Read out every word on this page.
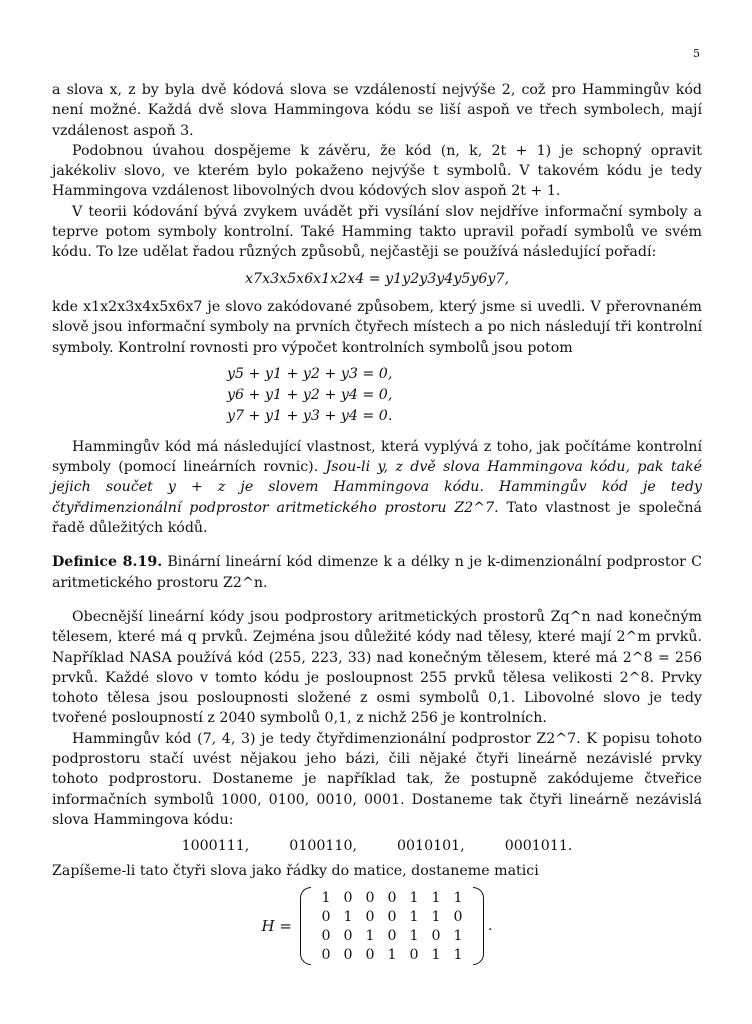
5

a slova x, z by byla dvě kódová slova se vzdáleností nejvýše 2, což pro Hammingův kód není možné. Každá dvě slova Hammingova kódu se liší aspoň ve třech symbolech, mají vzdálenost aspoň 3.

Podobnou úvahou dospějeme k závěru, že kód (n, k, 2t + 1) je schopný opravit jakékoliv slovo, ve kterém bylo pokaženo nejvýše t symbolů. V takovém kódu je tedy Hammingova vzdálenost libovolných dvou kódových slov aspoň 2t + 1.

V teorii kódování bývá zvykem uvádět při vysílání slov nejdříve informační symboly a teprve potom symboly kontrolní. Také Hamming takto upravil pořadí symbolů ve svém kódu. To lze udělat řadou různých způsobů, nejčastěji se používá následující pořadí:

x7x3x5x6x1x2x4 = y1y2y3y4y5y6y7,

kde x1x2x3x4x5x6x7 je slovo zakódované způsobem, který jsme si uvedli. V přerovnaném slově jsou informační symboly na prvních čtyřech místech a po nich následují tři kontrolní symboly. Kontrolní rovnosti pro výpočet kontrolních symbolů jsou potom

y5 + y1 + y2 + y3 = 0,
y6 + y1 + y2 + y4 = 0,
y7 + y1 + y3 + y4 = 0.

Hammingův kód má následující vlastnost, která vyplývá z toho, jak počítáme kontrolní symboly (pomocí lineárních rovnic). Jsou-li y, z dvě slova Hammingova kódu, pak také jejich součet y + z je slovem Hammingova kódu. Hammingův kód je tedy čtyřdimenzionální podprostor aritmetického prostoru Z2^7. Tato vlastnost je společná řadě důležitých kódů.

Definice 8.19. Binární lineární kód dimenze k a délky n je k-dimenzionální podprostor C aritmetického prostoru Z2^n.

Obecnější lineární kódy jsou podprostory aritmetických prostorů Zq^n nad konečným tělesem, které má q prvků. Zejména jsou důležité kódy nad tělesy, které mají 2^m prvků. Například NASA používá kód (255, 223, 33) nad konečným tělesem, které má 2^8 = 256 prvků. Každé slovo v tomto kódu je posloupnost 255 prvků tělesa velikosti 2^8. Prvky tohoto tělesa jsou posloupnosti složené z osmi symbolů 0,1. Libovolné slovo je tedy tvořené posloupností z 2040 symbolů 0,1, z nichž 256 je kontrolních.

Hammingův kód (7, 4, 3) je tedy čtyřdimenzionální podprostor Z2^7. K popisu tohoto podprostoru stačí uvést nějakou jeho bázi, čili nějaké čtyři lineárně nezávislé prvky tohoto podprostoru. Dostaneme je například tak, že postupně zakódujeme čtveřice informačních symbolů 1000, 0100, 0010, 0001. Dostaneme tak čtyři lineárně nezávislá slova Hammingova kódu:

1000111,	0100110,	0010101,	0001011.

Zapíšeme-li tato čtyři slova jako řádky do matice, dostaneme matici

H =
1 0 0 0 1 1 1
0 1 0 0 1 1 0
0 0 1 0 1 0 1
0 0 0 1 0 1 1
.
